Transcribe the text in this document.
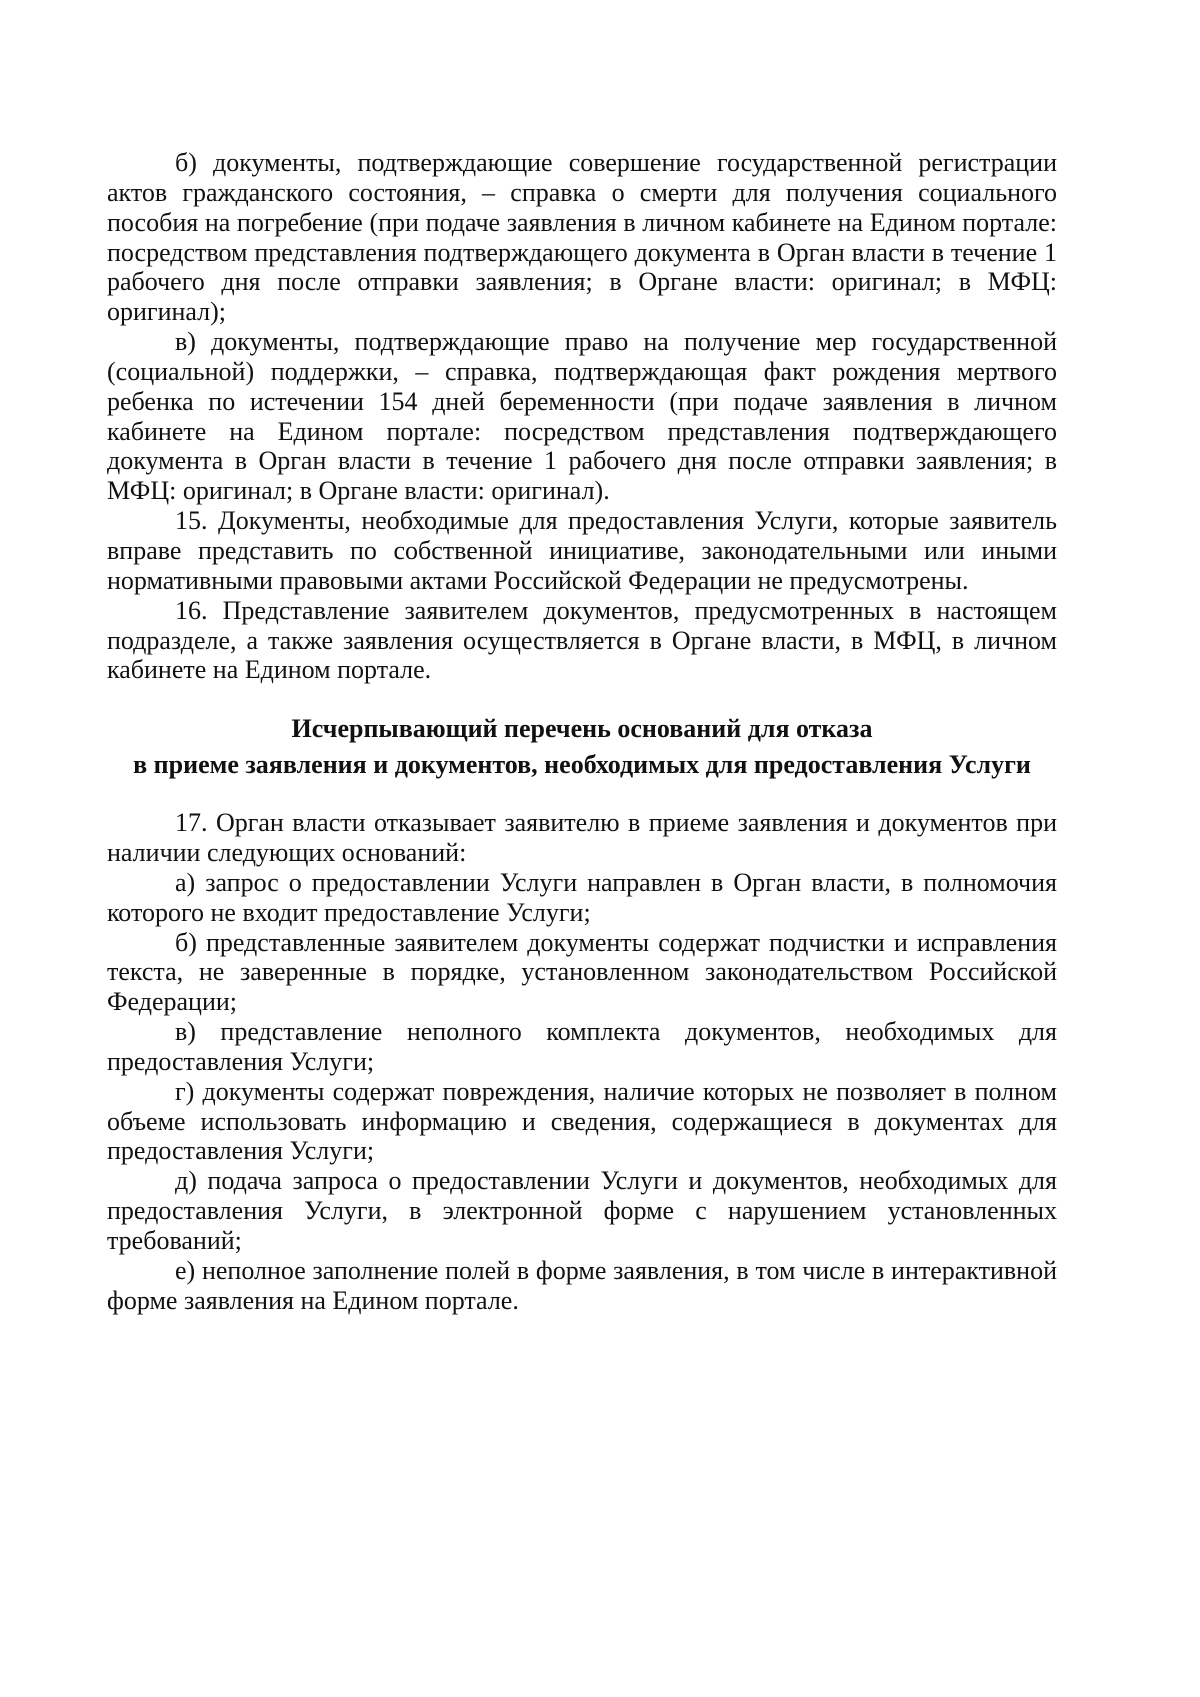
б) документы, подтверждающие совершение государственной регистрации
актов гражданского состояния, – справка о смерти для получения социального
пособия на погребение (при подаче заявления в личном кабинете на Едином портале:
посредством представления подтверждающего документа в Орган власти в течение 1
рабочего дня после отправки заявления; в Органе власти: оригинал; в МФЦ:
оригинал);
в) документы, подтверждающие право на получение мер государственной
(социальной) поддержки, – справка, подтверждающая факт рождения мертвого
ребенка по истечении 154 дней беременности (при подаче заявления в личном
кабинете на Едином портале: посредством представления подтверждающего
документа в Орган власти в течение 1 рабочего дня после отправки заявления; в
МФЦ: оригинал; в Органе власти: оригинал).
15. Документы, необходимые для предоставления Услуги, которые заявитель
вправе представить по собственной инициативе, законодательными или иными
нормативными правовыми актами Российской Федерации не предусмотрены.
16. Представление заявителем документов, предусмотренных в настоящем
подразделе, а также заявления осуществляется в Органе власти, в МФЦ, в личном
кабинете на Едином портале.
Исчерпывающий перечень оснований для отказа
в приеме заявления и документов, необходимых для предоставления Услуги
17. Орган власти отказывает заявителю в приеме заявления и документов при
наличии следующих оснований:
а) запрос о предоставлении Услуги направлен в Орган власти, в полномочия
которого не входит предоставление Услуги;
б) представленные заявителем документы содержат подчистки и исправления
текста, не заверенные в порядке, установленном законодательством Российской
Федерации;
в) представление неполного комплекта документов, необходимых для
предоставления Услуги;
г) документы содержат повреждения, наличие которых не позволяет в полном
объеме использовать информацию и сведения, содержащиеся в документах для
предоставления Услуги;
д) подача запроса о предоставлении Услуги и документов, необходимых для
предоставления Услуги, в электронной форме с нарушением установленных
требований;
е) неполное заполнение полей в форме заявления, в том числе в интерактивной
форме заявления на Едином портале.
